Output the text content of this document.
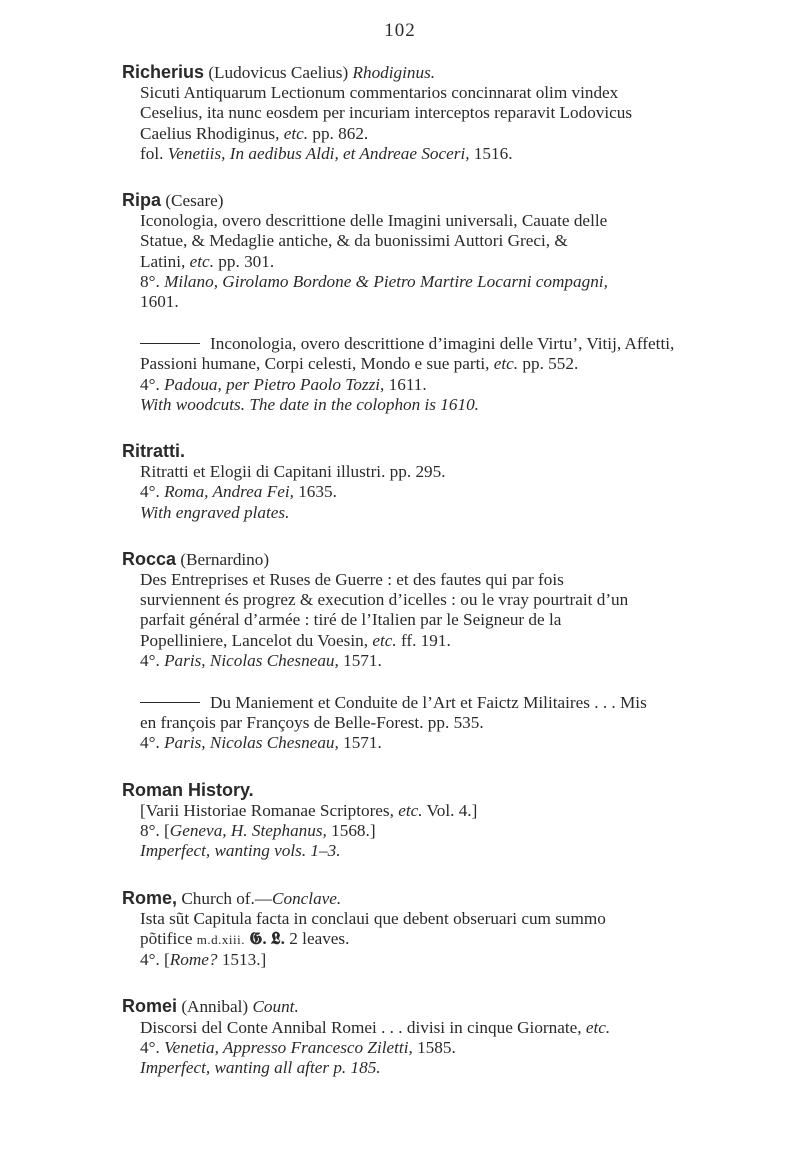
102
Richerius (Ludovicus Caelius) Rhodiginus.
Sicuti Antiquarum Lectionum commentarios concinnarat olim vindex
Ceselius, ita nunc eosdem per incuriam interceptos reparavit Lodovicus
Caelius Rhodiginus, etc. pp. 862.
fol. Venetiis, In aedibus Aldi, et Andreae Soceri, 1516.
Ripa (Cesare)
Iconologia, overo descrittione delle Imagini universali, Cauate delle
Statue, & Medaglie antiche, & da buonissimi Auttori Greci, &
Latini, etc. pp. 301.
8°. Milano, Girolamo Bordone & Pietro Martire Locarni compagni,
1601.
Inconologia, overo descrittione d’imagini delle Virtu’, Vitij, Affetti,
Passioni humane, Corpi celesti, Mondo e sue parti, etc. pp. 552.
4°. Padoua, per Pietro Paolo Tozzi, 1611.
With woodcuts. The date in the colophon is 1610.
Ritratti.
Ritratti et Elogii di Capitani illustri. pp. 295.
4°. Roma, Andrea Fei, 1635.
With engraved plates.
Rocca (Bernardino)
Des Entreprises et Ruses de Guerre : et des fautes qui par fois
surviennent és progrez & execution d’icelles : ou le vray pourtrait d’un
parfait général d’armée : tiré de l’Italien par le Seigneur de la
Popelliniere, Lancelot du Voesin, etc. ff. 191.
4°. Paris, Nicolas Chesneau, 1571.
Du Maniement et Conduite de l’Art et Faictz Militaires . . . Mis
en françois par Françoys de Belle-Forest. pp. 535.
4°. Paris, Nicolas Chesneau, 1571.
Roman History.
[Varii Historiae Romanae Scriptores, etc. Vol. 4.]
8°. [Geneva, H. Stephanus, 1568.]
Imperfect, wanting vols. 1–3.
Rome, Church of.—Conclave.
Ista sũt Capitula facta in conclaui que debent obseruari cum summo
põtifice m.d.xiii. 𝕲. 𝕷. 2 leaves.
4°. [Rome? 1513.]
Romei (Annibal) Count.
Discorsi del Conte Annibal Romei . . . divisi in cinque Giornate, etc.
4°. Venetia, Appresso Francesco Ziletti, 1585.
Imperfect, wanting all after p. 185.
